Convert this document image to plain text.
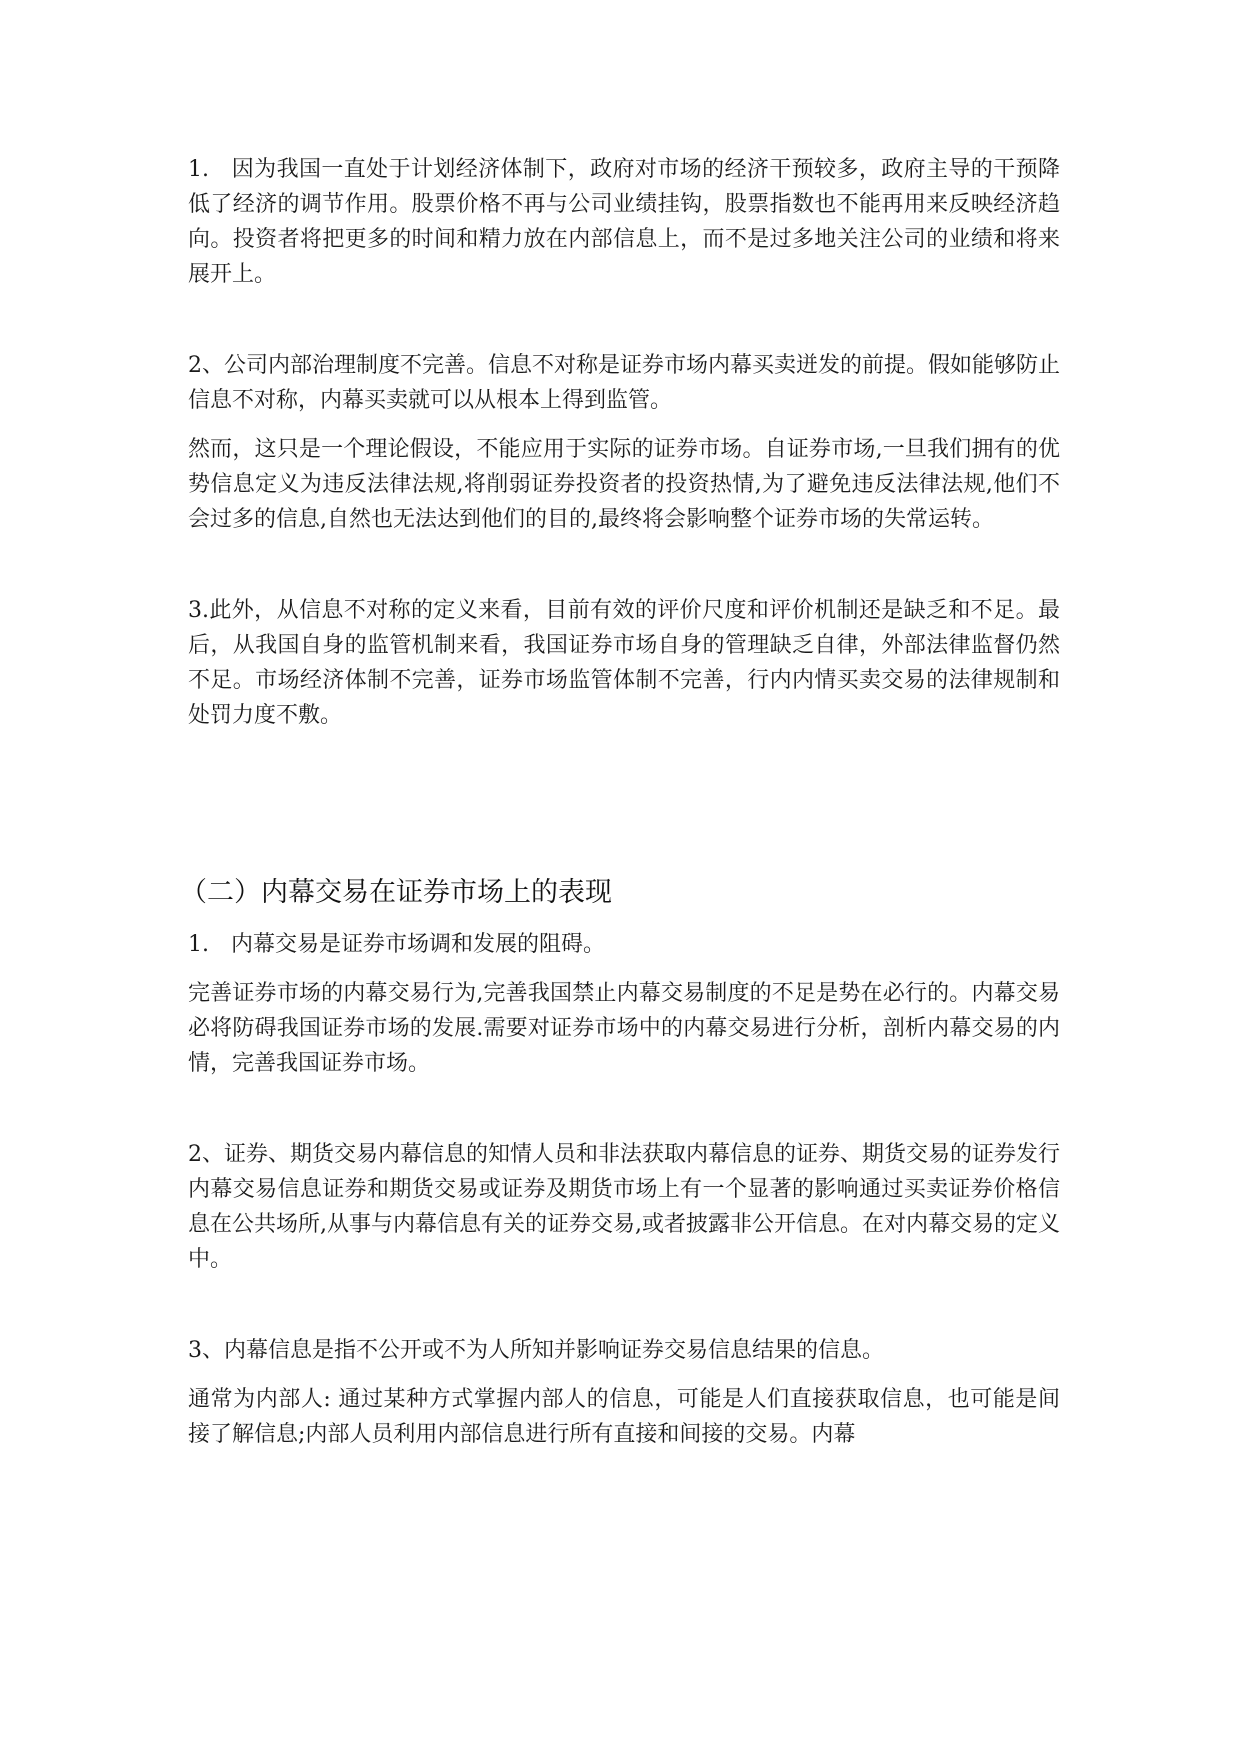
1.　因为我国一直处于计划经济体制下，政府对市场的经济干预较多，政府主导的干预降低了经济的调节作用。股票价格不再与公司业绩挂钩，股票指数也不能再用来反映经济趋向。投资者将把更多的时间和精力放在内部信息上，而不是过多地关注公司的业绩和将来展开上。

2、公司内部治理制度不完善。信息不对称是证券市场内幕买卖迸发的前提。假如能够防止信息不对称，内幕买卖就可以从根本上得到监管。

然而，这只是一个理论假设，不能应用于实际的证券市场。自证券市场,一旦我们拥有的优势信息定义为违反法律法规,将削弱证券投资者的投资热情,为了避免违反法律法规,他们不会过多的信息,自然也无法达到他们的目的,最终将会影响整个证券市场的失常运转。

3.此外，从信息不对称的定义来看，目前有效的评价尺度和评价机制还是缺乏和不足。最后，从我国自身的监管机制来看，我国证券市场自身的管理缺乏自律，外部法律监督仍然不足。市场经济体制不完善，证券市场监管体制不完善，行内内情买卖交易的法律规制和处罚力度不敷。

（二）内幕交易在证券市场上的表现

1.　内幕交易是证券市场调和发展的阻碍。

完善证券市场的内幕交易行为,完善我国禁止内幕交易制度的不足是势在必行的。内幕交易必将防碍我国证券市场的发展.需要对证券市场中的内幕交易进行分析，剖析内幕交易的内情，完善我国证券市场。

2、证券、期货交易内幕信息的知情人员和非法获取内幕信息的证券、期货交易的证券发行内幕交易信息证券和期货交易或证券及期货市场上有一个显著的影响通过买卖证券价格信息在公共场所,从事与内幕信息有关的证券交易,或者披露非公开信息。在对内幕交易的定义中。

3、内幕信息是指不公开或不为人所知并影响证券交易信息结果的信息。

通常为内部人: 通过某种方式掌握内部人的信息，可能是人们直接获取信息，也可能是间接了解信息;内部人员利用内部信息进行所有直接和间接的交易。内幕
